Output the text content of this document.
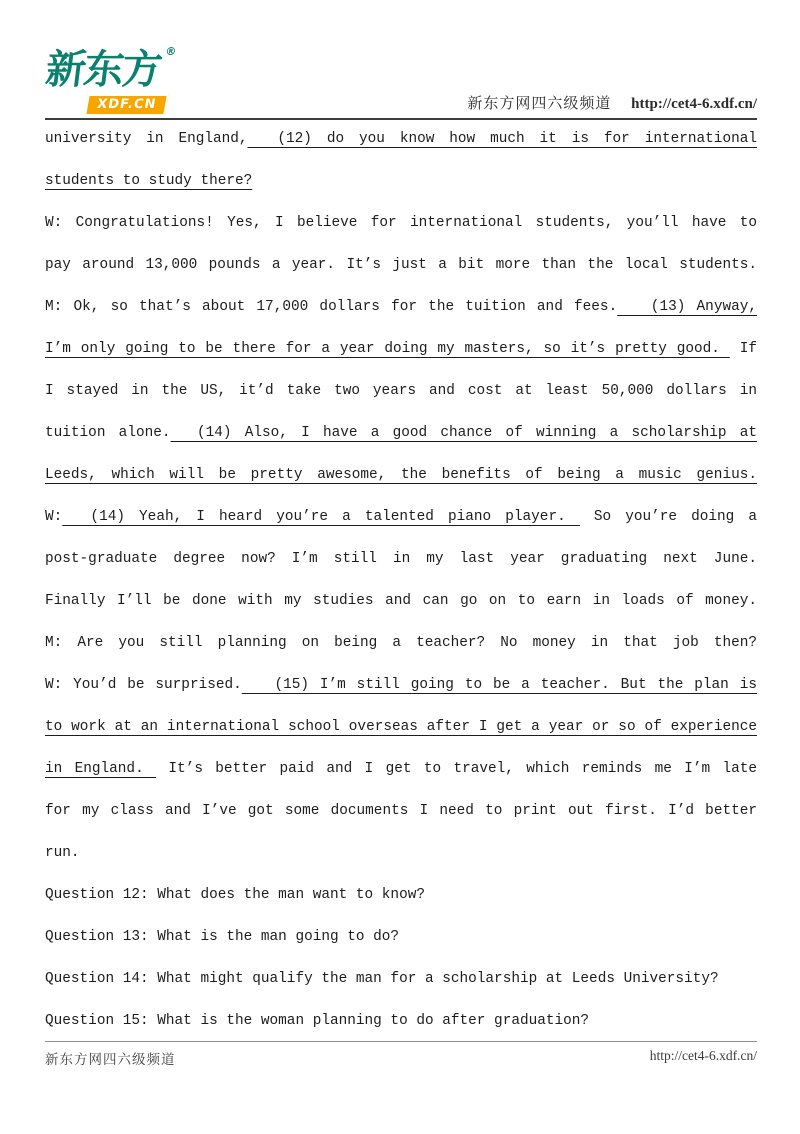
新东方 ®
XDF.CN	新东方网四六级频道 http://cet4-6.xdf.cn/
university in England,  (12) do you know how much it is for international
students to study there?
W: Congratulations! Yes, I believe for international students, you’ll have to
pay around 13,000 pounds a year. It’s just a bit more than the local students.
M: Ok, so that’s about 17,000 dollars for the tuition and fees.   (13) Anyway,
I’m only going to be there for a year doing my masters, so it’s pretty good.  If
I stayed in the US, it’d take two years and cost at least 50,000 dollars in
tuition alone.  (14) Also, I have a good chance of winning a scholarship at
Leeds, which will be pretty awesome, the benefits of being a music genius.
W:  (14) Yeah, I heard you’re a talented piano player.  So you’re doing a
post-graduate degree now? I’m still in my last year graduating next June.
Finally I’ll be done with my studies and can go on to earn in loads of money.
M: Are you still planning on being a teacher? No money in that job then?
W: You’d be surprised.   (15) I’m still going to be a teacher. But the plan is
to work at an international school overseas after I get a year or so of experience
in England.  It’s better paid and I get to travel, which reminds me I’m late
for my class and I’ve got some documents I need to print out first. I’d better
run.
Question 12: What does the man want to know?
Question 13: What is the man going to do?
Question 14: What might qualify the man for a scholarship at Leeds University?
Question 15: What is the woman planning to do after graduation?
新东方网四六级频道	http://cet4-6.xdf.cn/
